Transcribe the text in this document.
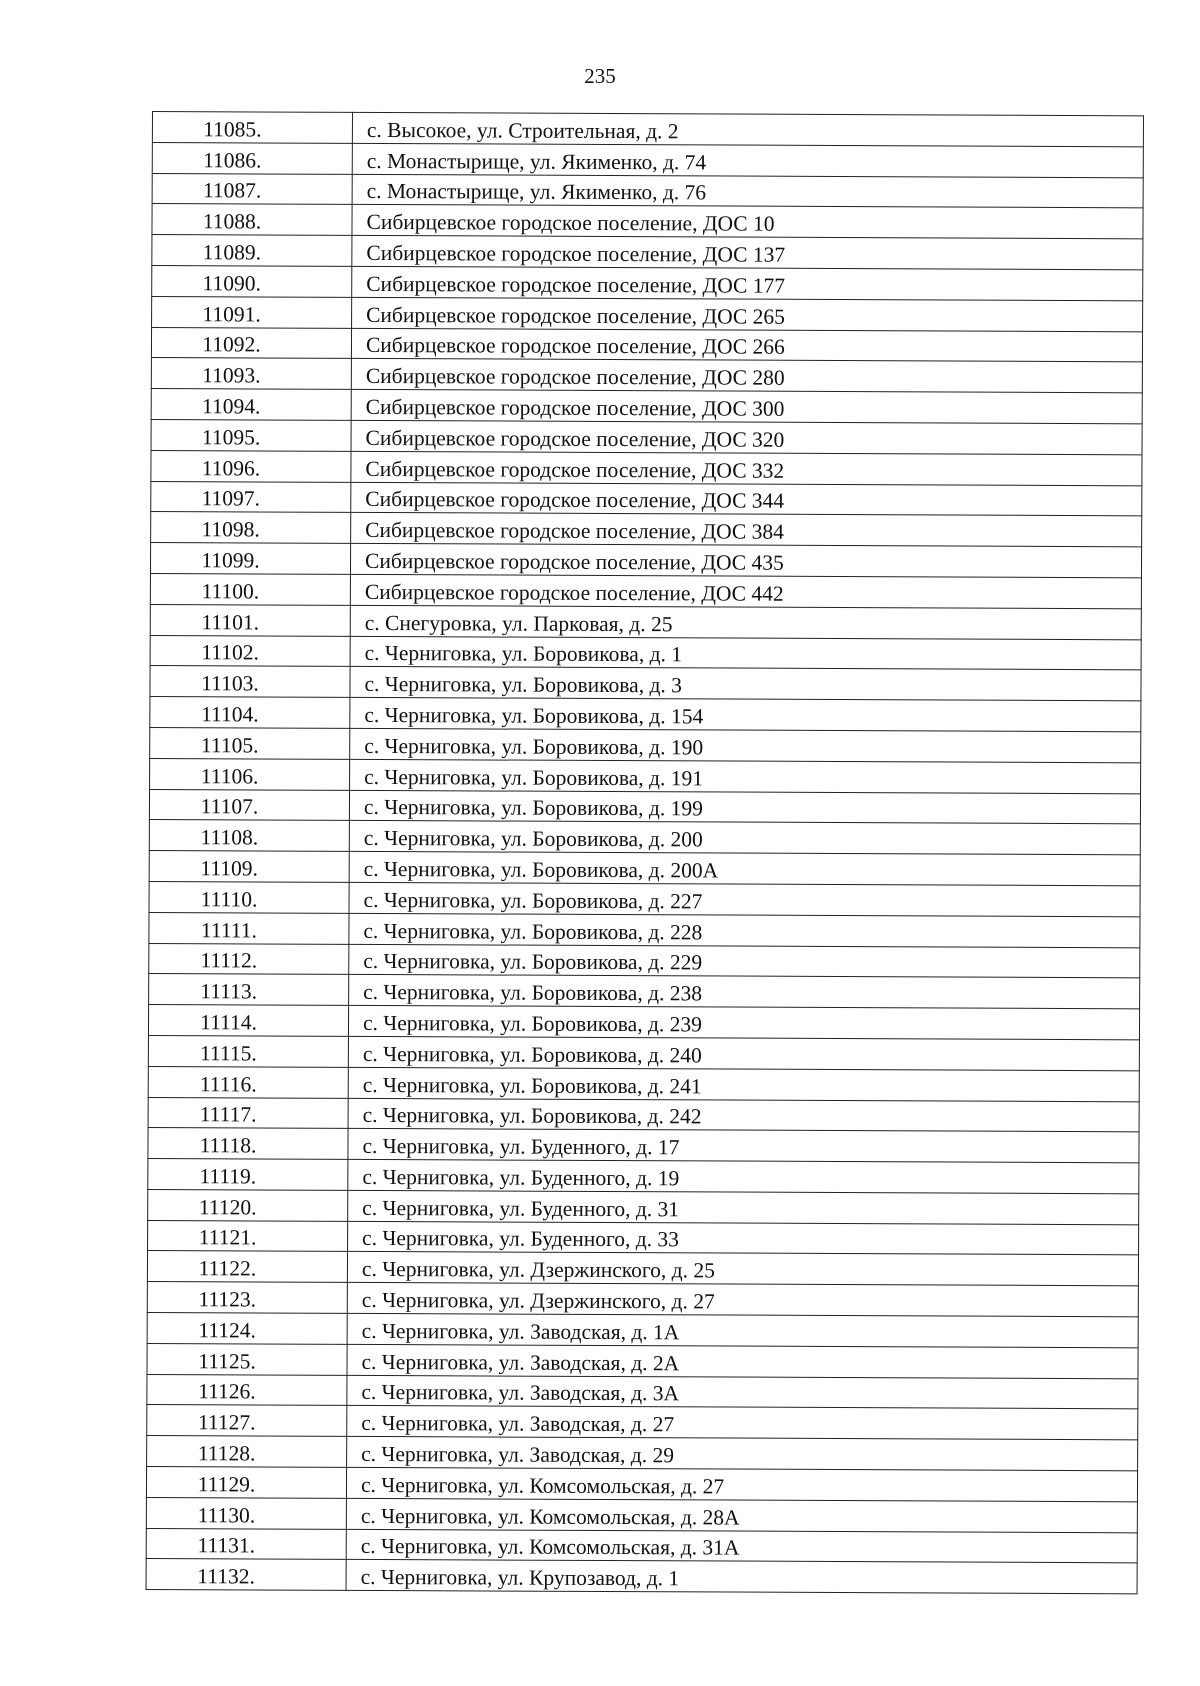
235
11085.	с. Высокое, ул. Строительная, д. 2
11086.	с. Монастырище, ул. Якименко, д. 74
11087.	с. Монастырище, ул. Якименко, д. 76
11088.	Сибирцевское городское поселение, ДОС 10
11089.	Сибирцевское городское поселение, ДОС 137
11090.	Сибирцевское городское поселение, ДОС 177
11091.	Сибирцевское городское поселение, ДОС 265
11092.	Сибирцевское городское поселение, ДОС 266
11093.	Сибирцевское городское поселение, ДОС 280
11094.	Сибирцевское городское поселение, ДОС 300
11095.	Сибирцевское городское поселение, ДОС 320
11096.	Сибирцевское городское поселение, ДОС 332
11097.	Сибирцевское городское поселение, ДОС 344
11098.	Сибирцевское городское поселение, ДОС 384
11099.	Сибирцевское городское поселение, ДОС 435
11100.	Сибирцевское городское поселение, ДОС 442
11101.	с. Снегуровка, ул. Парковая, д. 25
11102.	с. Черниговка, ул. Боровикова, д. 1
11103.	с. Черниговка, ул. Боровикова, д. 3
11104.	с. Черниговка, ул. Боровикова, д. 154
11105.	с. Черниговка, ул. Боровикова, д. 190
11106.	с. Черниговка, ул. Боровикова, д. 191
11107.	с. Черниговка, ул. Боровикова, д. 199
11108.	с. Черниговка, ул. Боровикова, д. 200
11109.	с. Черниговка, ул. Боровикова, д. 200А
11110.	с. Черниговка, ул. Боровикова, д. 227
11111.	с. Черниговка, ул. Боровикова, д. 228
11112.	с. Черниговка, ул. Боровикова, д. 229
11113.	с. Черниговка, ул. Боровикова, д. 238
11114.	с. Черниговка, ул. Боровикова, д. 239
11115.	с. Черниговка, ул. Боровикова, д. 240
11116.	с. Черниговка, ул. Боровикова, д. 241
11117.	с. Черниговка, ул. Боровикова, д. 242
11118.	с. Черниговка, ул. Буденного, д. 17
11119.	с. Черниговка, ул. Буденного, д. 19
11120.	с. Черниговка, ул. Буденного, д. 31
11121.	с. Черниговка, ул. Буденного, д. 33
11122.	с. Черниговка, ул. Дзержинского, д. 25
11123.	с. Черниговка, ул. Дзержинского, д. 27
11124.	с. Черниговка, ул. Заводская, д. 1А
11125.	с. Черниговка, ул. Заводская, д. 2А
11126.	с. Черниговка, ул. Заводская, д. 3А
11127.	с. Черниговка, ул. Заводская, д. 27
11128.	с. Черниговка, ул. Заводская, д. 29
11129.	с. Черниговка, ул. Комсомольская, д. 27
11130.	с. Черниговка, ул. Комсомольская, д. 28А
11131.	с. Черниговка, ул. Комсомольская, д. 31А
11132.	с. Черниговка, ул. Крупозавод, д. 1
